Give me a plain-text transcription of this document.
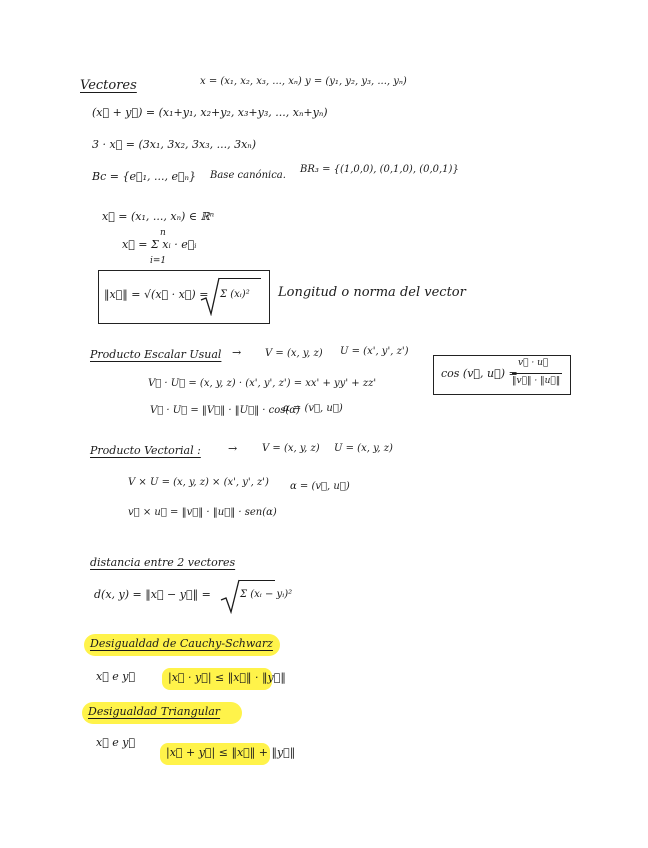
Vectores	x = (x₁, x₂, x₃, ..., xₙ) y = (y₁, y₂, y₃, ..., yₙ)
(x⃗ + y⃗) = (x₁+y₁, x₂+y₂, x₃+y₃, ..., xₙ+yₙ)
3 · x⃗ = (3x₁, 3x₂, 3x₃, ..., 3xₙ)
Bc = {e⃗₁, ..., e⃗ₙ} Base canónica.
BR₃ = {(1,0,0), (0,1,0), (0,0,1)}
x⃗ = (x₁, ..., xₙ) ∈ ℝⁿ
x⃗ = Σ xᵢ · e⃗ᵢ
n
i=1
‖x⃗‖ = √(x⃗ · x⃗) = Σ (xᵢ)² Longitud o norma del vector
Producto Escalar Usual → V = (x, y, z) U = (x', y', z')
cos (v⃗, u⃗) =
v⃗ · u⃗
‖v⃗‖ · ‖u⃗‖
V⃗ · U⃗ = (x, y, z) · (x', y', z') = xx' + yy' + zz'
V⃗ · U⃗ = ‖V⃗‖ · ‖U⃗‖ · cos(α)
α = (v⃗, u⃗)
Producto Vectorial : → V = (x, y, z) U = (x, y, z)
V × U = (x, y, z) × (x', y', z') α = (v⃗, u⃗)
v⃗ × u⃗ = ‖v⃗‖ · ‖u⃗‖ · sen(α)
distancia entre 2 vectores
d(x, y) = ‖x⃗ − y⃗‖ =	Σ (xᵢ − yᵢ)²
Desigualdad de Cauchy-Schwarz
x⃗ e y⃗	|x⃗ · y⃗| ≤ ‖x⃗‖ · ‖y⃗‖
Desigualdad Triangular
x⃗ e y⃗
|x⃗ + y⃗| ≤ ‖x⃗‖ + ‖y⃗‖
